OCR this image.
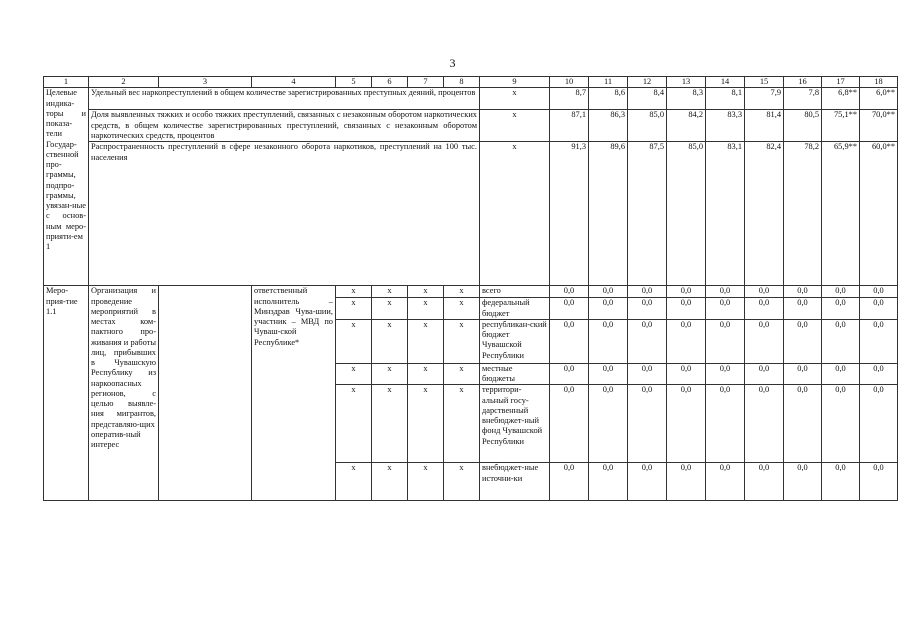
3
1	2	3	4	5	6	7	8	9	10	11	12	13	14	15	16	17	18
Целевые индика-торы и показа-тели Государ-ственной про-граммы, подпро-граммы, увязан-ные с основ-ным меро-прияти-ем 1	Удельный вес наркопреступлений в общем количестве зарегистрированных преступных деяний, процентов							x	8,7	8,6	8,4	8,3	8,1	7,9	7,8	6,8**	6,0**
	Доля выявленных тяжких и особо тяжких преступлений, связанных с незаконным оборотом наркотических средств, в общем количестве зарегистрированных преступлений, связанных с незаконным оборотом наркотических средств, процентов							x	87,1	86,3	85,0	84,2	83,3	81,4	80,5	75,1**	70,0**
	Распространенность преступлений в сфере незаконного оборота наркотиков, преступлений на 100 тыс. населения							x	91,3	89,6	87,5	85,0	83,1	82,4	78,2	65,9**	60,0**
Меро-прия-тие 1.1	Организация и проведение мероприятий в местах ком-пактного про-живания и работы лиц, прибывших в Чувашскую Республику из наркоопасных регионов, с целью выявле-ния мигрантов, представляю-щих оператив-ный интерес		ответственный исполнитель – Минздрав Чува-шии, участник – МВД по Чуваш-ской Республике*	x	x	x	x	всего	0,0	0,0	0,0	0,0	0,0	0,0	0,0	0,0	0,0
				x	x	x	x	федеральный бюджет	0,0	0,0	0,0	0,0	0,0	0,0	0,0	0,0	0,0
				x	x	x	x	республикан-ский бюджет Чувашской Республики	0,0	0,0	0,0	0,0	0,0	0,0	0,0	0,0	0,0
				x	x	x	x	местные бюджеты	0,0	0,0	0,0	0,0	0,0	0,0	0,0	0,0	0,0
				x	x	x	x	территори-альный госу-дарственный внебюджет-ный фонд Чувашской Республики	0,0	0,0	0,0	0,0	0,0	0,0	0,0	0,0	0,0
				x	x	x	x	внебюджет-ные источни-ки	0,0	0,0	0,0	0,0	0,0	0,0	0,0	0,0	0,0
